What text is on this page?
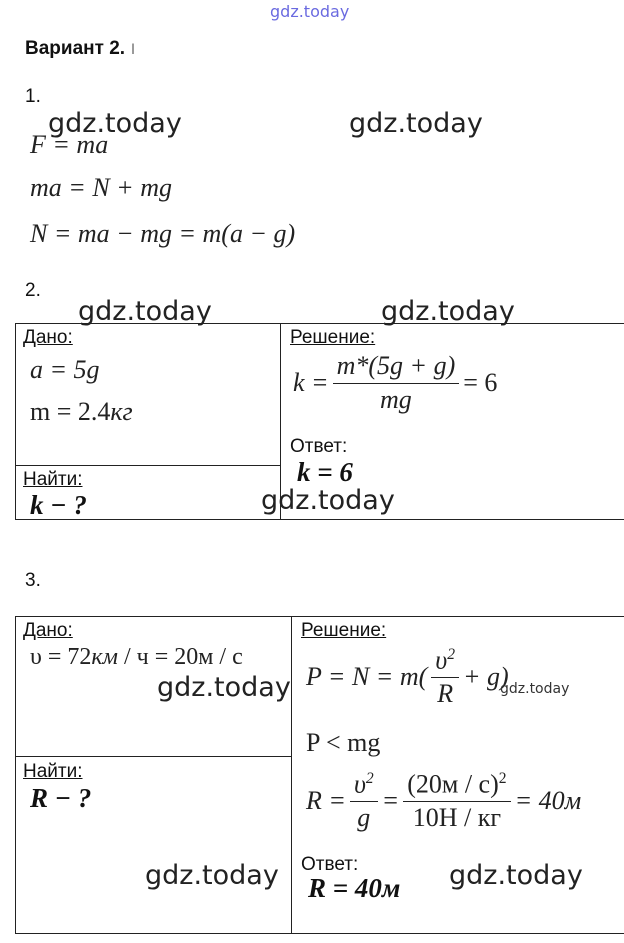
gdz.today
Вариант 2. ı
1.
gdz.today	gdz.today
F = ma
ma = N + mg
N = ma − mg = m(a − g)
2.
gdz.today	gdz.today
Дано:
a = 5g
m = 2.4кг
Найти:
k − ?
Решение:
$k = \frac{m*(5g + g)}{mg} = 6$
Ответ:
k = 6
gdz.today
3.
Дано:
υ = 72км / ч = 20м / с
gdz.today
Найти:
R − ?
Решение:
$P = N = m( \frac{\upsilon^2}{R} + g)$
gdz.today
P < mg
$R = \frac{\upsilon^2}{g} = \frac{(20м / с)^2}{10Н / кг} = 40м$
Ответ:
R = 40м
gdz.today	gdz.today
